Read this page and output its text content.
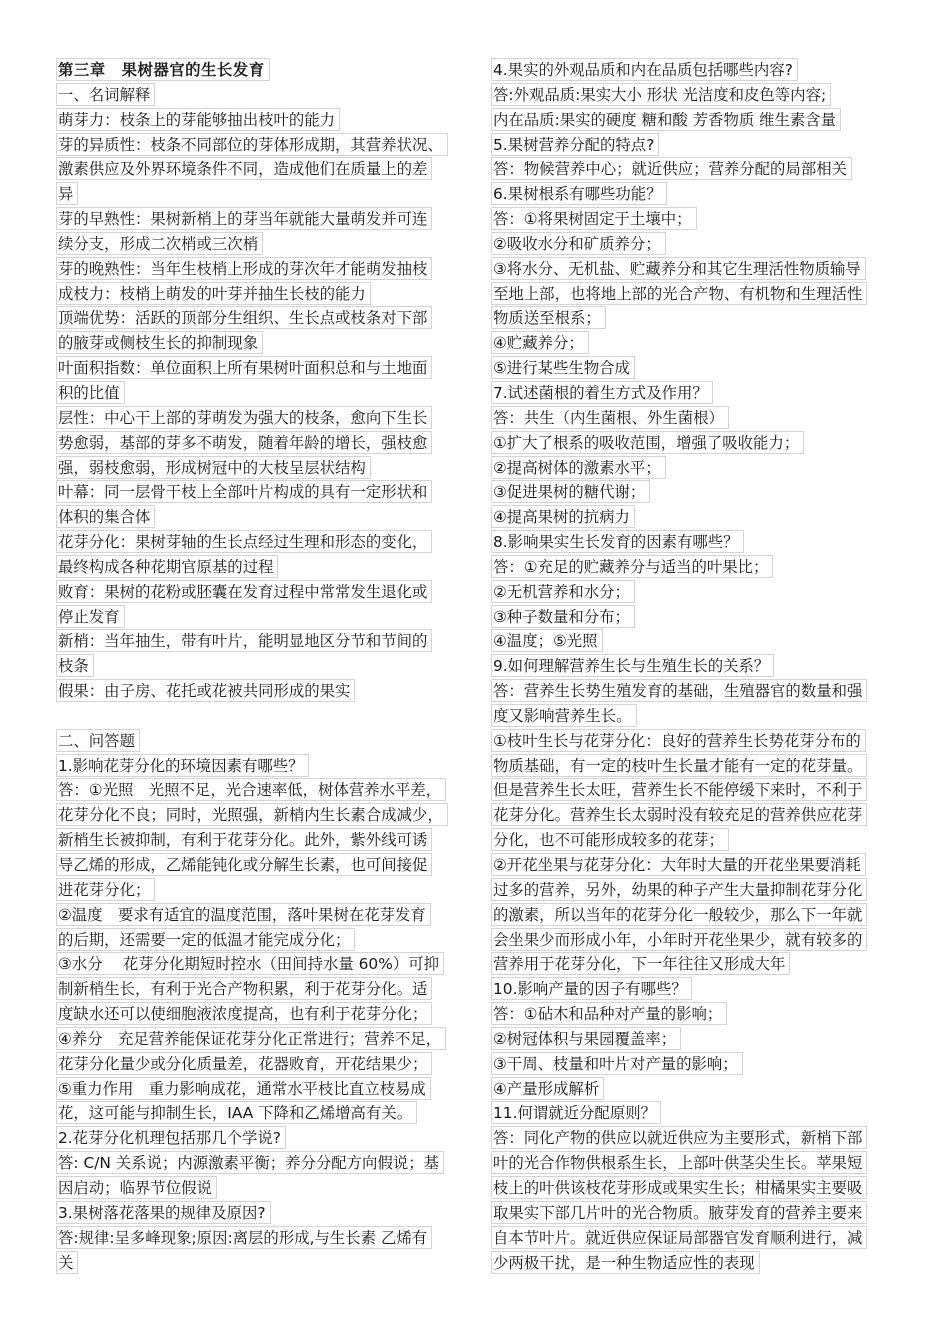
第三章　果树器官的生长发育
一、名词解释
萌芽力：枝条上的芽能够抽出枝叶的能力
芽的异质性：枝条不同部位的芽体形成期，其营养状况、
激素供应及外界环境条件不同，造成他们在质量上的差
异
芽的早熟性：果树新梢上的芽当年就能大量萌发并可连
续分支，形成二次梢或三次梢
芽的晚熟性：当年生枝梢上形成的芽次年才能萌发抽枝
成枝力：枝梢上萌发的叶芽并抽生长枝的能力
顶端优势：活跃的顶部分生组织、生长点或枝条对下部
的腋芽或侧枝生长的抑制现象
叶面积指数：单位面积上所有果树叶面积总和与土地面
积的比值
层性：中心干上部的芽萌发为强大的枝条，愈向下生长
势愈弱，基部的芽多不萌发，随着年龄的增长，强枝愈
强，弱枝愈弱，形成树冠中的大枝呈层状结构
叶幕：同一层骨干枝上全部叶片构成的具有一定形状和
体积的集合体
花芽分化：果树芽轴的生长点经过生理和形态的变化，
最终构成各种花期官原基的过程
败育：果树的花粉或胚囊在发育过程中常常发生退化或
停止发育
新梢：当年抽生，带有叶片，能明显地区分节和节间的
枝条
假果：由子房、花托或花被共同形成的果实
二、问答题
1.影响花芽分化的环境因素有哪些？
答：①光照　光照不足，光合速率低，树体营养水平差，
花芽分化不良；同时，光照强，新梢内生长素合成减少，
新梢生长被抑制，有利于花芽分化。此外，紫外线可诱
导乙烯的形成，乙烯能钝化或分解生长素，也可间接促
进花芽分化；
②温度　要求有适宜的温度范围，落叶果树在花芽发育
的后期，还需要一定的低温才能完成分化；
③水分　 花芽分化期短时控水（田间持水量 60%）可抑
制新梢生长，有利于光合产物积累，利于花芽分化。适
度缺水还可以使细胞液浓度提高，也有利于花芽分化；
④养分　充足营养能保证花芽分化正常进行；营养不足，
花芽分化量少或分化质量差，花器败育，开花结果少；
⑤重力作用　重力影响成花，通常水平枝比直立枝易成
花，这可能与抑制生长，IAA 下降和乙烯增高有关。
2.花芽分化机理包括那几个学说?
答: C/N 关系说；内源激素平衡；养分分配方向假说；基
因启动；临界节位假说
3.果树落花落果的规律及原因?
答:规律:呈多峰现象;原因:离层的形成,与生长素 乙烯有
关
4.果实的外观品质和内在品质包括哪些内容?
答:外观品质:果实大小 形状 光洁度和皮色等内容;
内在品质:果实的硬度 糖和酸 芳香物质 维生素含量
5.果树营养分配的特点?
答：物候营养中心；就近供应；营养分配的局部相关
6.果树根系有哪些功能？
答：①将果树固定于土壤中；
②吸收水分和矿质养分；
③将水分、无机盐、贮藏养分和其它生理活性物质输导
至地上部，也将地上部的光合产物、有机物和生理活性
物质送至根系；
④贮藏养分；
⑤进行某些生物合成
7.试述菌根的着生方式及作用？
答：共生（内生菌根、外生菌根）
①扩大了根系的吸收范围，增强了吸收能力；
②提高树体的激素水平；
③促进果树的糖代谢；
④提高果树的抗病力
8.影响果实生长发育的因素有哪些？
答：①充足的贮藏养分与适当的叶果比；
②无机营养和水分；
③种子数量和分布；
④温度；⑤光照
9.如何理解营养生长与生殖生长的关系？
答：营养生长势生殖发育的基础，生殖器官的数量和强
度又影响营养生长。
①枝叶生长与花芽分化：良好的营养生长势花芽分布的
物质基础，有一定的枝叶生长量才能有一定的花芽量。
但是营养生长太旺，营养生长不能停缓下来时，不利于
花芽分化。营养生长太弱时没有较充足的营养供应花芽
分化，也不可能形成较多的花芽；
②开花坐果与花芽分化：大年时大量的开花坐果要消耗
过多的营养，另外，幼果的种子产生大量抑制花芽分化
的激素，所以当年的花芽分化一般较少，那么下一年就
会坐果少而形成小年，小年时开花坐果少，就有较多的
营养用于花芽分化，下一年往往又形成大年
10.影响产量的因子有哪些？
答：①砧木和品种对产量的影响；
②树冠体积与果园覆盖率；
③干周、枝量和叶片对产量的影响；
④产量形成解析
11.何谓就近分配原则？
答：同化产物的供应以就近供应为主要形式，新梢下部
叶的光合作物供根系生长，上部叶供茎尖生长。苹果短
枝上的叶供该枝花芽形成或果实生长；柑橘果实主要吸
取果实下部几片叶的光合物质。腋芽发育的营养主要来
自本节叶片。就近供应保证局部器官发育顺利进行，减
少两极干扰，是一种生物适应性的表现
